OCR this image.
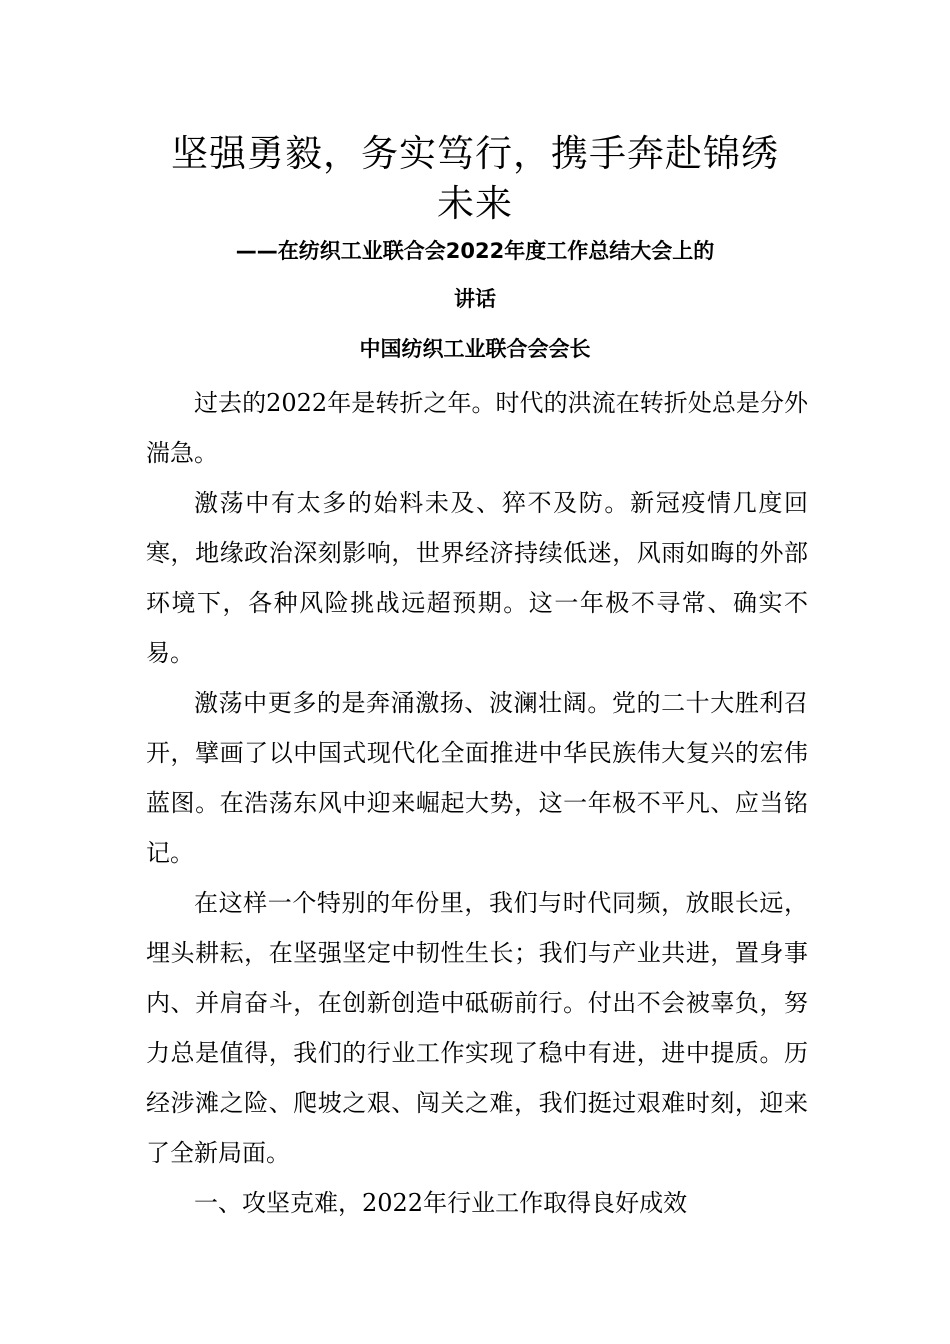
坚强勇毅，务实笃行，携手奔赴锦绣
未来
——在纺织工业联合会2022年度工作总结大会上的
讲话
中国纺织工业联合会会长

过去的2022年是转折之年。时代的洪流在转折处总是分外湍急。

激荡中有太多的始料未及、猝不及防。新冠疫情几度回寒，地缘政治深刻影响，世界经济持续低迷，风雨如晦的外部环境下，各种风险挑战远超预期。这一年极不寻常、确实不易。

激荡中更多的是奔涌激扬、波澜壮阔。党的二十大胜利召开，擘画了以中国式现代化全面推进中华民族伟大复兴的宏伟蓝图。在浩荡东风中迎来崛起大势，这一年极不平凡、应当铭记。

在这样一个特别的年份里，我们与时代同频，放眼长远，埋头耕耘，在坚强坚定中韧性生长；我们与产业共进，置身事内、并肩奋斗，在创新创造中砥砺前行。付出不会被辜负，努力总是值得，我们的行业工作实现了稳中有进，进中提质。历经涉滩之险、爬坡之艰、闯关之难，我们挺过艰难时刻，迎来了全新局面。

一、攻坚克难，2022年行业工作取得良好成效
